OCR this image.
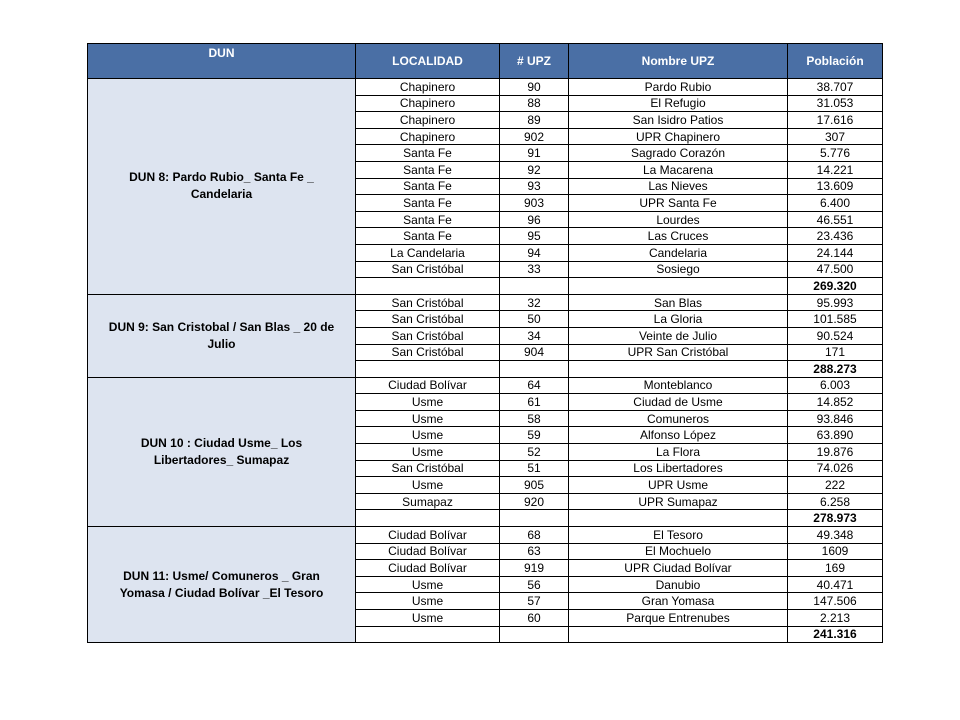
DUN	LOCALIDAD	# UPZ	Nombre UPZ	Población
DUN 8: Pardo Rubio_ Santa Fe _ Candelaria	Chapinero	90	Pardo Rubio	38.707
	Chapinero	88	El Refugio	31.053
	Chapinero	89	San Isidro Patios	17.616
	Chapinero	902	UPR Chapinero	307
	Santa Fe	91	Sagrado Corazón	5.776
	Santa Fe	92	La Macarena	14.221
	Santa Fe	93	Las Nieves	13.609
	Santa Fe	903	UPR Santa Fe	6.400
	Santa Fe	96	Lourdes	46.551
	Santa Fe	95	Las Cruces	23.436
	La Candelaria	94	Candelaria	24.144
	San Cristóbal	33	Sosiego	47.500
				269.320
DUN 9: San Cristobal / San Blas _ 20 de Julio	San Cristóbal	32	San Blas	95.993
	San Cristóbal	50	La Gloria	101.585
	San Cristóbal	34	Veinte de Julio	90.524
	San Cristóbal	904	UPR San Cristóbal	171
				288.273
DUN 10 : Ciudad Usme_ Los Libertadores_ Sumapaz	Ciudad Bolívar	64	Monteblanco	6.003
	Usme	61	Ciudad de Usme	14.852
	Usme	58	Comuneros	93.846
	Usme	59	Alfonso López	63.890
	Usme	52	La Flora	19.876
	San Cristóbal	51	Los Libertadores	74.026
	Usme	905	UPR Usme	222
	Sumapaz	920	UPR Sumapaz	6.258
				278.973
DUN 11: Usme/ Comuneros _ Gran Yomasa / Ciudad Bolívar _El Tesoro	Ciudad Bolívar	68	El Tesoro	49.348
	Ciudad Bolívar	63	El Mochuelo	1609
	Ciudad Bolívar	919	UPR Ciudad Bolívar	169
	Usme	56	Danubio	40.471
	Usme	57	Gran Yomasa	147.506
	Usme	60	Parque Entrenubes	2.213
				241.316
